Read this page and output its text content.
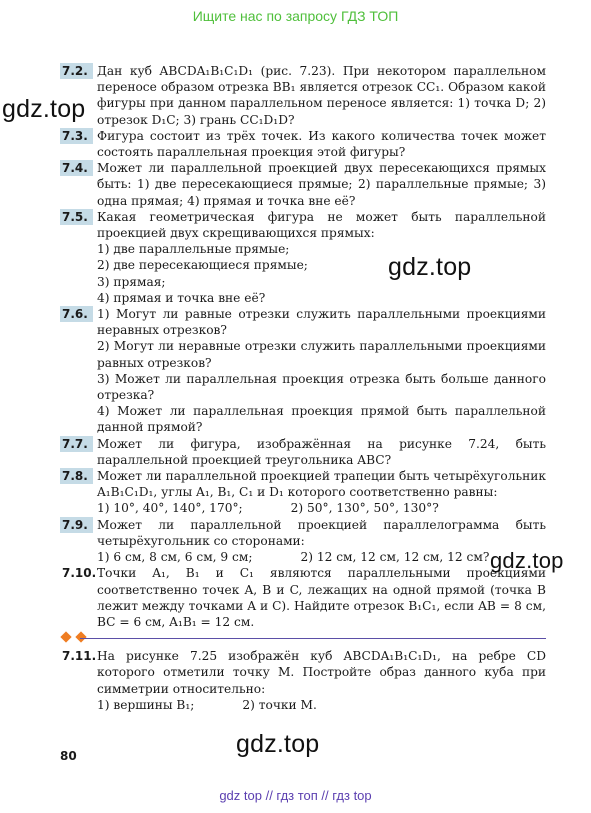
Ищите нас по запросу ГДЗ ТОП
7.2. Дан куб ABCDA₁B₁C₁D₁ (рис. 7.23). При некотором параллельном переносе образом отрезка BB₁ является отрезок CC₁. Образом какой фигуры при данном параллельном переносе является: 1) точка D; 2) отрезок D₁C; 3) грань CC₁D₁D?

7.3. Фигура состоит из трёх точек. Из какого количества точек может состоять параллельная проекция этой фигуры?

7.4. Может ли параллельной проекцией двух пересекающихся прямых быть: 1) две пересекающиеся прямые; 2) параллельные прямые; 3) одна прямая; 4) прямая и точка вне её?

7.5. Какая геометрическая фигура не может быть параллельной проекцией двух скрещивающихся прямых:

1) две параллельные прямые;

2) две пересекающиеся прямые;

3) прямая;

4) прямая и точка вне её?

7.6. 1) Могут ли равные отрезки служить параллельными проекциями неравных отрезков?

2) Могут ли неравные отрезки служить параллельными проекциями равных отрезков?

3) Может ли параллельная проекция отрезка быть больше данного отрезка?

4) Может ли параллельная проекция прямой быть параллельной данной прямой?

7.7. Может ли фигура, изображённая на рисунке 7.24, быть параллельной проекцией треугольника ABC?

7.8. Может ли параллельной проекцией трапеции быть четырёхугольник A₁B₁C₁D₁, углы A₁, B₁, C₁ и D₁ которого соответственно равны:

1) 10°, 40°, 140°, 170°;	2) 50°, 130°, 50°, 130°?

7.9. Может ли параллельной проекцией параллелограмма быть четырёхугольник со сторонами:

1) 6 см, 8 см, 6 см, 9 см;	2) 12 см, 12 см, 12 см, 12 см?

7.10. Точки A₁, B₁ и C₁ являются параллельными проекциями соответственно точек A, B и C, лежащих на одной прямой (точка B лежит между точками A и C). Найдите отрезок B₁C₁, если AB = 8 см, BC = 6 см, A₁B₁ = 12 см.

7.11. На рисунке 7.25 изображён куб ABCDA₁B₁C₁D₁, на ребре CD которого отметили точку M. Постройте образ данного куба при симметрии относительно:

1) вершины B₁;	2) точки M.

gdz.top
gdz.top
gdz.top
gdz.top
80
gdz top // гдз топ // гдз top
